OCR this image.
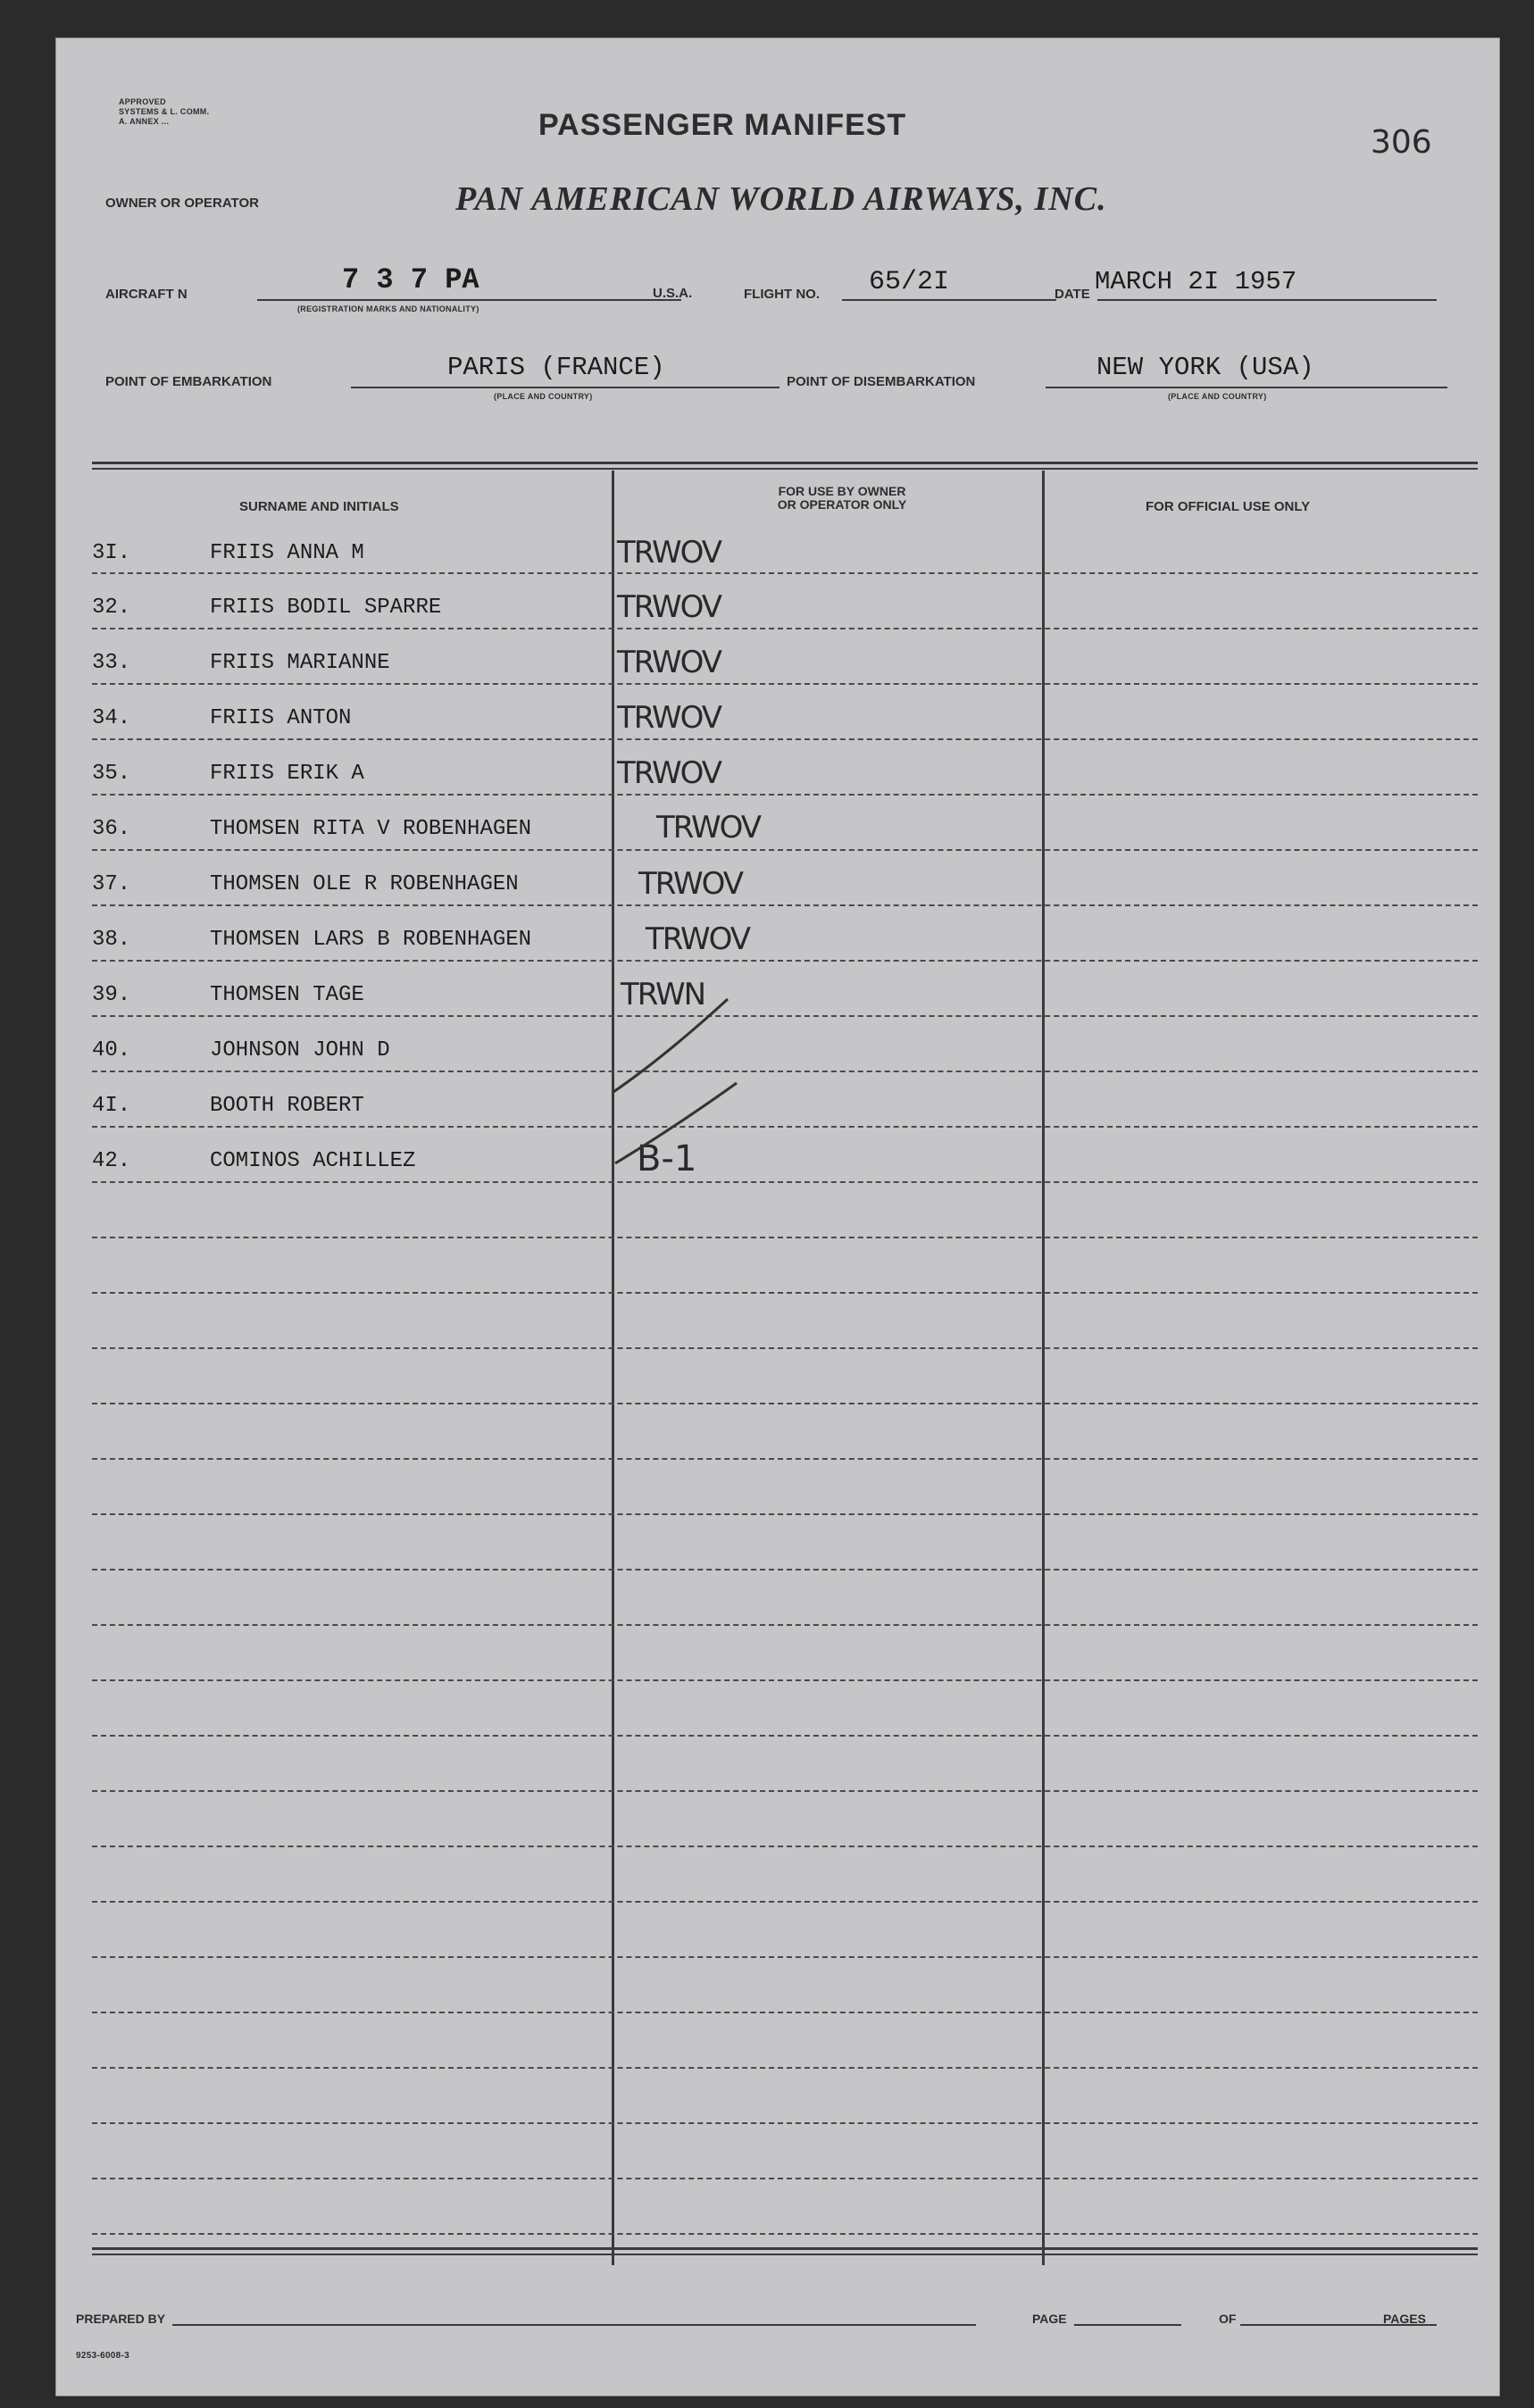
APPROVED
SYSTEMS & L. COMM.
A. ANNEX ...	PASSENGER MANIFEST	306
OWNER OR OPERATOR	PAN AMERICAN WORLD AIRWAYS, INC.
AIRCRAFT N	7 3 7 PA
(REGISTRATION MARKS AND NATIONALITY)
U.S.A.	FLIGHT NO. 65/2I	DATE MARCH 2I 1957
POINT OF EMBARKATION	PARIS (FRANCE)
(PLACE AND COUNTRY)
POINT OF DISEMBARKATION	NEW YORK (USA)
(PLACE AND COUNTRY)
SURNAME AND INITIALS
FOR USE BY OWNER
OR OPERATOR ONLY	FOR OFFICIAL USE ONLY
3I.	FRIIS ANNA M	TRWOV
32.	FRIIS BODIL SPARRE	TRWOV
33.	FRIIS MARIANNE	TRWOV
34.	FRIIS ANTON	TRWOV
35.	FRIIS ERIK A	TRWOV
36.	THOMSEN RITA V ROBENHAGEN	TRWOV
37.	THOMSEN OLE R ROBENHAGEN	TRWOV
38.	THOMSEN LARS B ROBENHAGEN	TRWOV
39.	THOMSEN TAGE	TRWN
40.	JOHNSON JOHN D
4I.	BOOTH ROBERT
42.	COMINOS ACHILLEZ	B-1
PREPARED BY	PAGE	OF	PAGES
9253-6008-3
